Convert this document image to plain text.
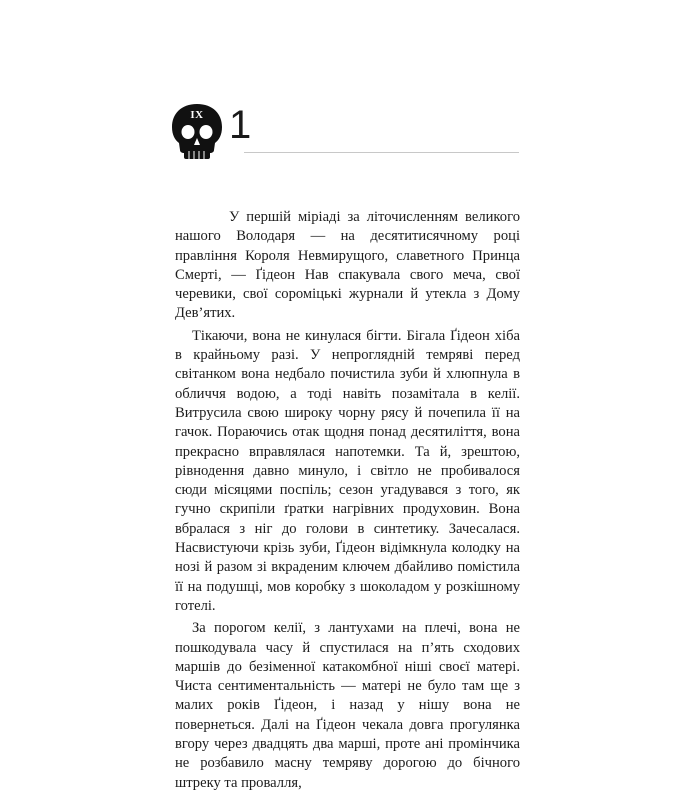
IX 1

У першій міріаді за літочисленням великого нашого Володаря — на десятитисячному році правління Короля Невмирущого, славетного Принца Смерті, — Ґідеон Нав спакувала свого меча, свої черевики, свої сороміцькі журнали й утекла з Дому Дев’ятих.

Тікаючи, вона не кинулася бігти. Бігала Ґідеон хіба в крайньому разі. У непроглядній темряві перед світанком вона недбало почистила зуби й хлюпнула в обличчя водою, а тоді навіть позамітала в келії. Витрусила свою широку чорну рясу й почепила її на гачок. Пораючись отак щодня понад десятиліття, вона прекрасно вправлялася напотемки. Та й, зрештою, рівнодення давно минуло, і світло не пробивалося сюди місяцями поспіль; сезон угадувався з того, як гучно скрипіли ґратки нагрівних продуховин. Вона вбралася з ніг до голови в синтетику. Зачесалася. Насвистуючи крізь зуби, Ґідеон відімкнула колодку на нозі й разом зі вкраденим ключем дбайливо помістила її на подушці, мов коробку з шоколадом у розкішному готелі.

За порогом келії, з лантухами на плечі, вона не пошкодувала часу й спустилася на п’ять сходових маршів до безіменної катакомбної ніші своєї матері. Чиста сентиментальність — матері не було там ще з малих років Ґідеон, і назад у нішу вона не повернеться. Далі на Ґідеон чекала довга прогулянка вгору через двадцять два марші, проте ані промінчика не розбавило масну темряву дорогою до бічного штреку та провалля,
